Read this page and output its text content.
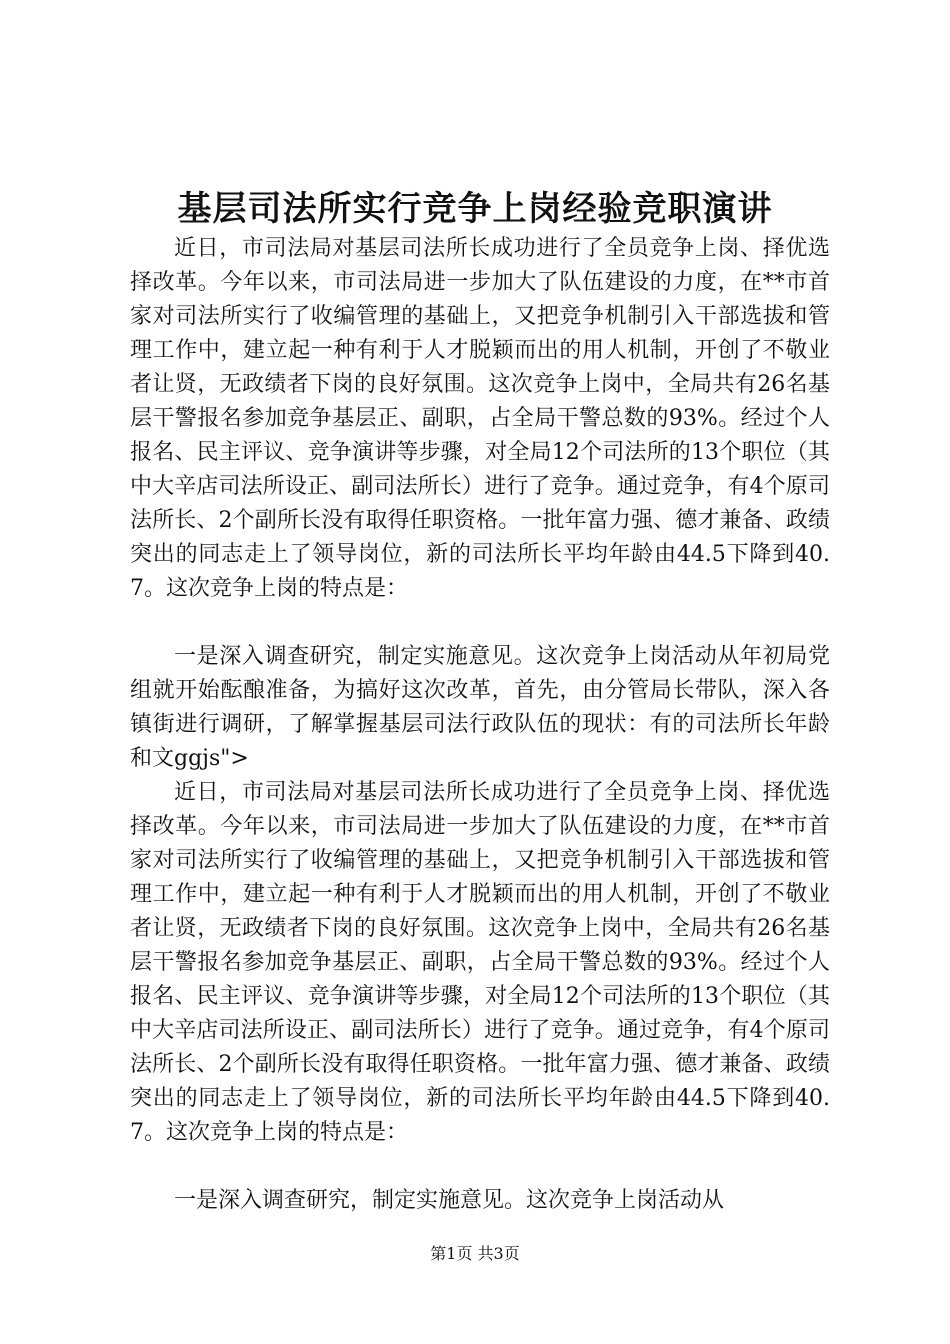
基层司法所实行竞争上岗经验竞职演讲

近日，市司法局对基层司法所长成功进行了全员竞争上岗、择优选择改革。今年以来，市司法局进一步加大了队伍建设的力度，在**市首家对司法所实行了收编管理的基础上，又把竞争机制引入干部选拔和管理工作中，建立起一种有利于人才脱颖而出的用人机制，开创了不敬业者让贤，无政绩者下岗的良好氛围。这次竞争上岗中，全局共有26名基层干警报名参加竞争基层正、副职，占全局干警总数的93%。经过个人报名、民主评议、竞争演讲等步骤，对全局12个司法所的13个职位（其中大辛店司法所设正、副司法所长）进行了竞争。通过竞争，有4个原司法所长、2个副所长没有取得任职资格。一批年富力强、德才兼备、政绩突出的同志走上了领导岗位，新的司法所长平均年龄由44.5下降到40.7。这次竞争上岗的特点是：

一是深入调查研究，制定实施意见。这次竞争上岗活动从年初局党组就开始酝酿准备，为搞好这次改革，首先，由分管局长带队，深入各镇街进行调研，了解掌握基层司法行政队伍的现状：有的司法所长年龄和文ggjs">

近日，市司法局对基层司法所长成功进行了全员竞争上岗、择优选择改革。今年以来，市司法局进一步加大了队伍建设的力度，在**市首家对司法所实行了收编管理的基础上，又把竞争机制引入干部选拔和管理工作中，建立起一种有利于人才脱颖而出的用人机制，开创了不敬业者让贤，无政绩者下岗的良好氛围。这次竞争上岗中，全局共有26名基层干警报名参加竞争基层正、副职，占全局干警总数的93%。经过个人报名、民主评议、竞争演讲等步骤，对全局12个司法所的13个职位（其中大辛店司法所设正、副司法所长）进行了竞争。通过竞争，有4个原司法所长、2个副所长没有取得任职资格。一批年富力强、德才兼备、政绩突出的同志走上了领导岗位，新的司法所长平均年龄由44.5下降到40.7。这次竞争上岗的特点是：

一是深入调查研究，制定实施意见。这次竞争上岗活动从

第1页 共3页
